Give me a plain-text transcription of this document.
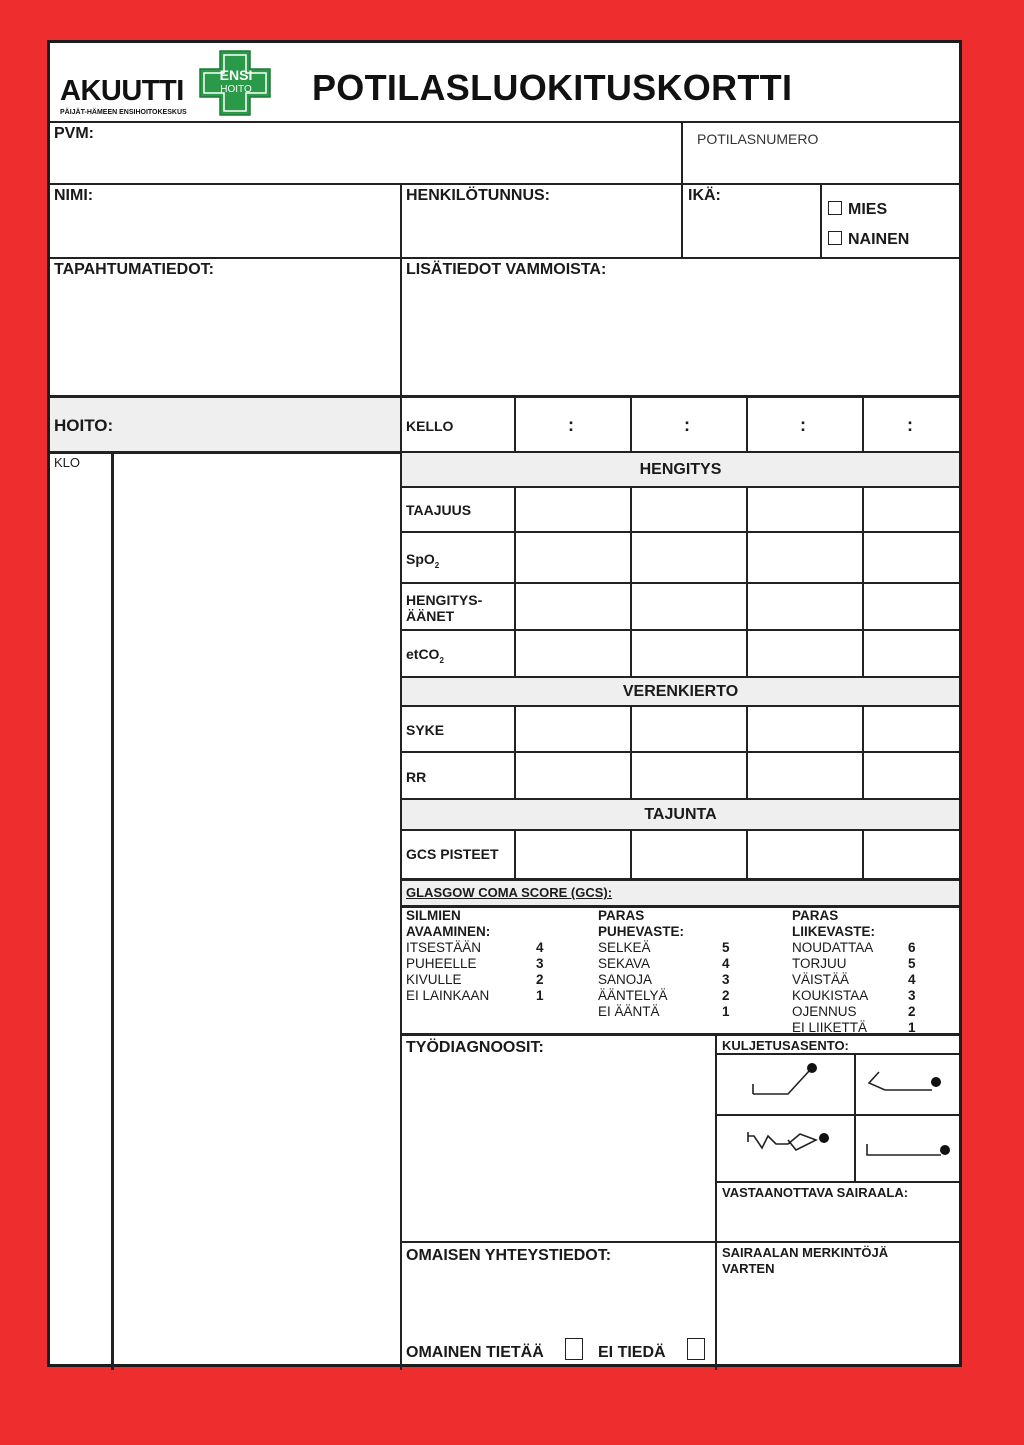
ENSI
HOITO
AKUUTTI
PÄIJÄT-HÄMEEN ENSIHOITOKESKUS
POTILASLUOKITUSKORTTI
PVM:	POTILASNUMERO
NIMI:	HENKILÖTUNNUS:	IKÄ:
MIES
NAINEN
TAPAHTUMATIEDOT:	LISÄTIEDOT VAMMOISTA:
HOITO:
KLO
KELLO	:	:	:	:
HENGITYS
TAAJUUS
SpO$_2$
HENGITYS-
ÄÄNET
etCO$_2$
VERENKIERTO
SYKE
RR
TAJUNTA
GCS PISTEET
GLASGOW COMA SCORE (GCS):
SILMIEN
AVAAMINEN:
ITSESTÄÄN	4
PUHEELLE	3
KIVULLE	2
EI LAINKAAN	1
PARAS
PUHEVASTE:
SELKEÄ	5
SEKAVA	4
SANOJA	3
ÄÄNTELYÄ	2
EI ÄÄNTÄ	1
PARAS
LIIKEVASTE:
NOUDATTAA	6
TORJUU	5
VÄISTÄÄ	4
KOUKISTAA	3
OJENNUS	2
EI LIIKETTÄ	1
TYÖDIAGNOOSIT:	KULJETUSASENTO:
VASTAANOTTAVA SAIRAALA:
OMAISEN YHTEYSTIEDOT:	SAIRAALAN MERKINTÖJÄ
VARTEN
OMAINEN TIETÄÄ	EI TIEDÄ
